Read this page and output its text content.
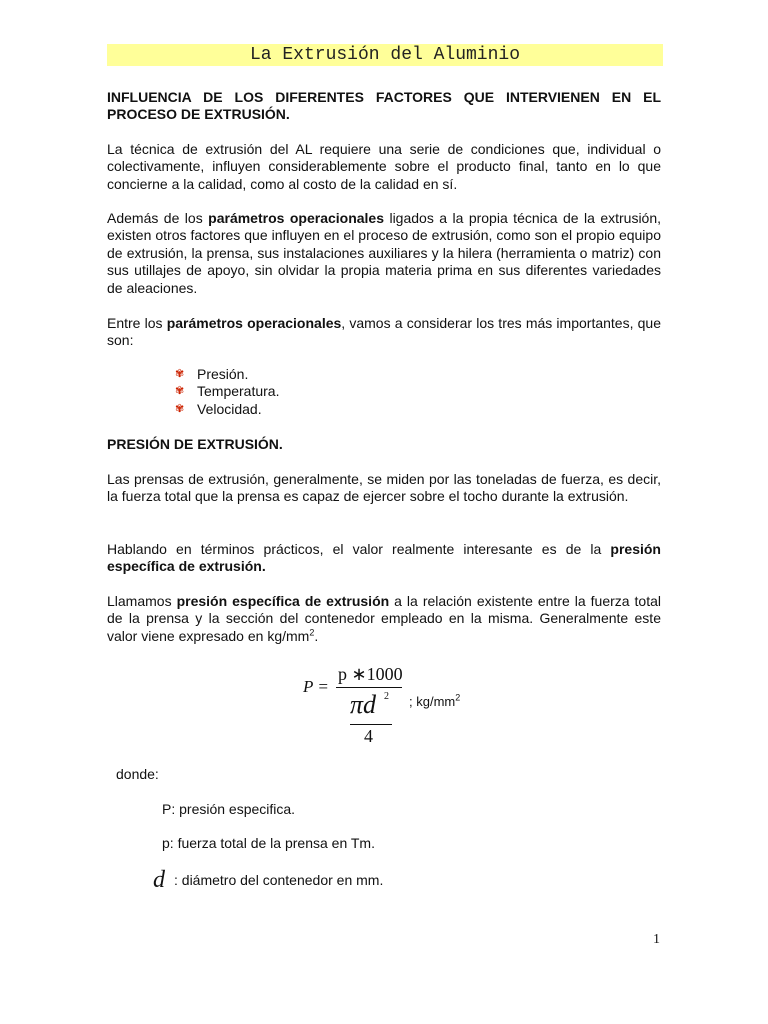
La Extrusión del Aluminio
INFLUENCIA DE LOS DIFERENTES FACTORES QUE INTERVIENEN EN EL PROCESO DE EXTRUSIÓN.
La técnica de extrusión del AL requiere una serie de condiciones que, individual o colectivamente, influyen considerablemente sobre el producto final, tanto en lo que concierne a la calidad, como al costo de la calidad en sí.
Además de los parámetros operacionales ligados a la propia técnica de la extrusión, existen otros factores que influyen en el proceso de extrusión, como son el propio equipo de extrusión, la prensa, sus instalaciones auxiliares y la hilera (herramienta o matriz) con sus utillajes de apoyo, sin olvidar la propia materia prima en sus diferentes variedades de aleaciones.
Entre los parámetros operacionales, vamos a considerar los tres más importantes, que son:
✾ Presión.
✾ Temperatura.
✾ Velocidad.
PRESIÓN DE EXTRUSIÓN.
Las prensas de extrusión, generalmente, se miden por las toneladas de fuerza, es decir, la fuerza total que la prensa es capaz de ejercer sobre el tocho durante la extrusión.
Hablando en términos prácticos, el valor realmente interesante es de la presión específica de extrusión.
Llamamos presión específica de extrusión a la relación existente entre la fuerza total de la prensa y la sección del contenedor empleado en la misma. Generalmente este valor viene expresado en $kg/mm^2$.
P =
p ∗1000
πd 2
4
; $kg/mm^2$
donde:
P: presión especifica.
p: fuerza total de la prensa en Tm.
d : diámetro del contenedor en mm.
1
